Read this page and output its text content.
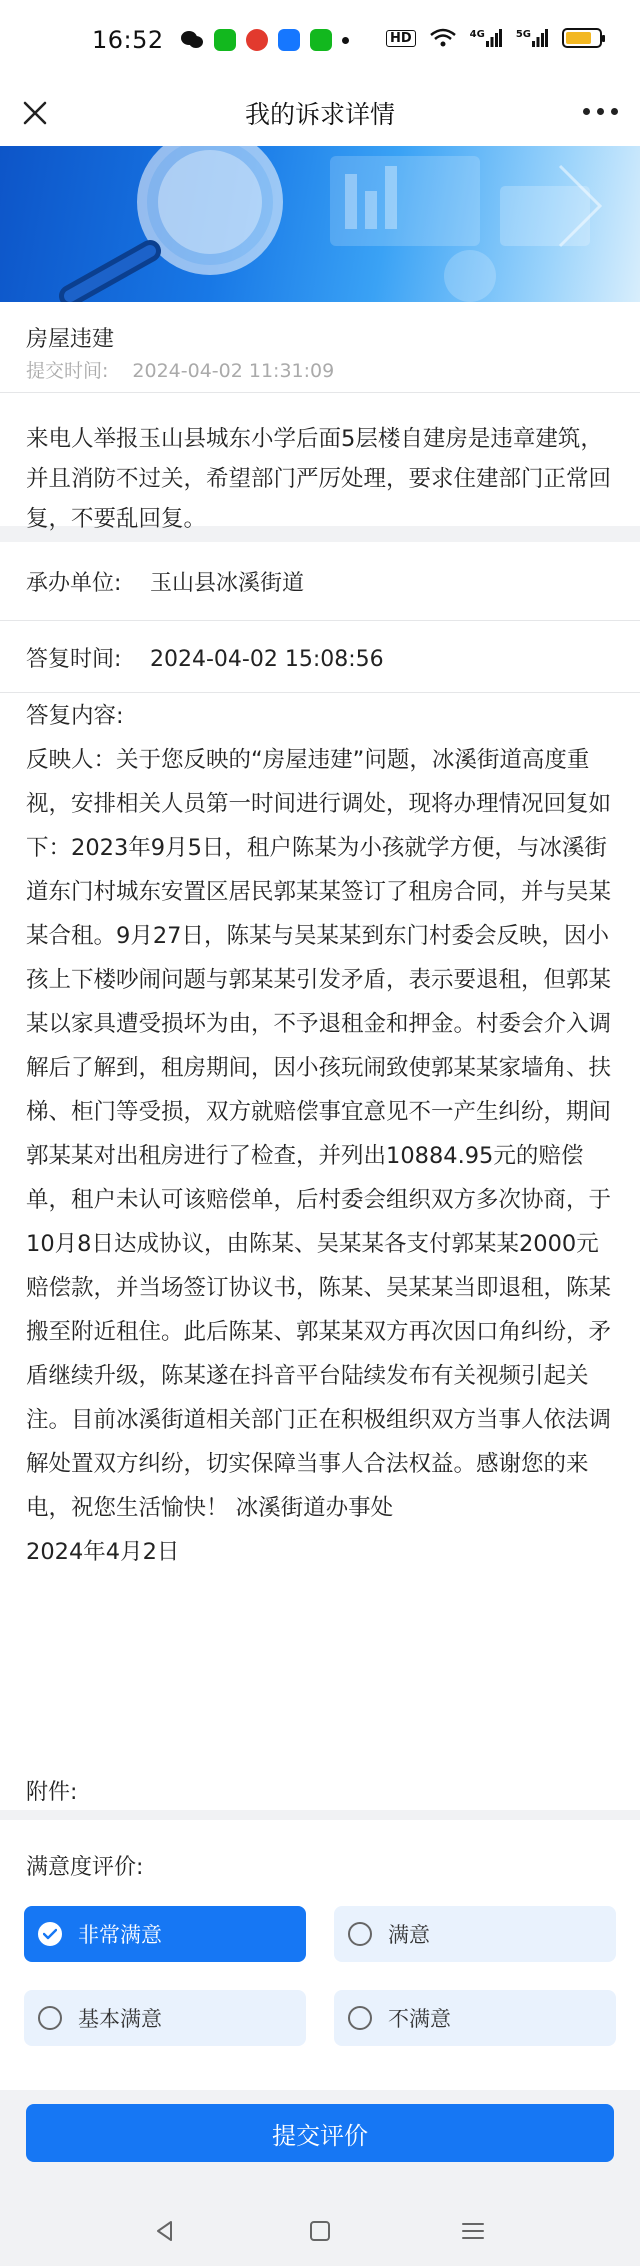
16:52	HD	4G	5G
我的诉求详情
房屋违建
提交时间: 2024-04-02 11:31:09

来电人举报玉山县城东小学后面5层楼自建房是违章建筑，并且消防不过关，希望部门严厉处理，要求住建部门正常回复，不要乱回复。

承办单位: 玉山县冰溪街道
答复时间: 2024-04-02 15:08:56

答复内容:

反映人：关于您反映的“房屋违建”问题，冰溪街道高度重视，安排相关人员第一时间进行调处，现将办理情况回复如下：2023年9月5日，租户陈某为小孩就学方便，与冰溪街道东门村城东安置区居民郭某某签订了租房合同，并与吴某某合租。9月27日，陈某与吴某某到东门村委会反映，因小孩上下楼吵闹问题与郭某某引发矛盾，表示要退租，但郭某某以家具遭受损坏为由，不予退租金和押金。村委会介入调解后了解到，租房期间，因小孩玩闹致使郭某某家墙角、扶梯、柜门等受损，双方就赔偿事宜意见不一产生纠纷，期间郭某某对出租房进行了检查，并列出10884.95元的赔偿单，租户未认可该赔偿单，后村委会组织双方多次协商，于10月8日达成协议，由陈某、吴某某各支付郭某某2000元赔偿款，并当场签订协议书，陈某、吴某某当即退租，陈某搬至附近租住。此后陈某、郭某某双方再次因口角纠纷，矛盾继续升级，陈某遂在抖音平台陆续发布有关视频引起关注。目前冰溪街道相关部门正在积极组织双方当事人依法调解处置双方纠纷，切实保障当事人合法权益。感谢您的来电，祝您生活愉快！ 冰溪街道办事处

2024年4月2日

附件:
满意度评价:
非常满意	满意
基本满意	不满意
提交评价
